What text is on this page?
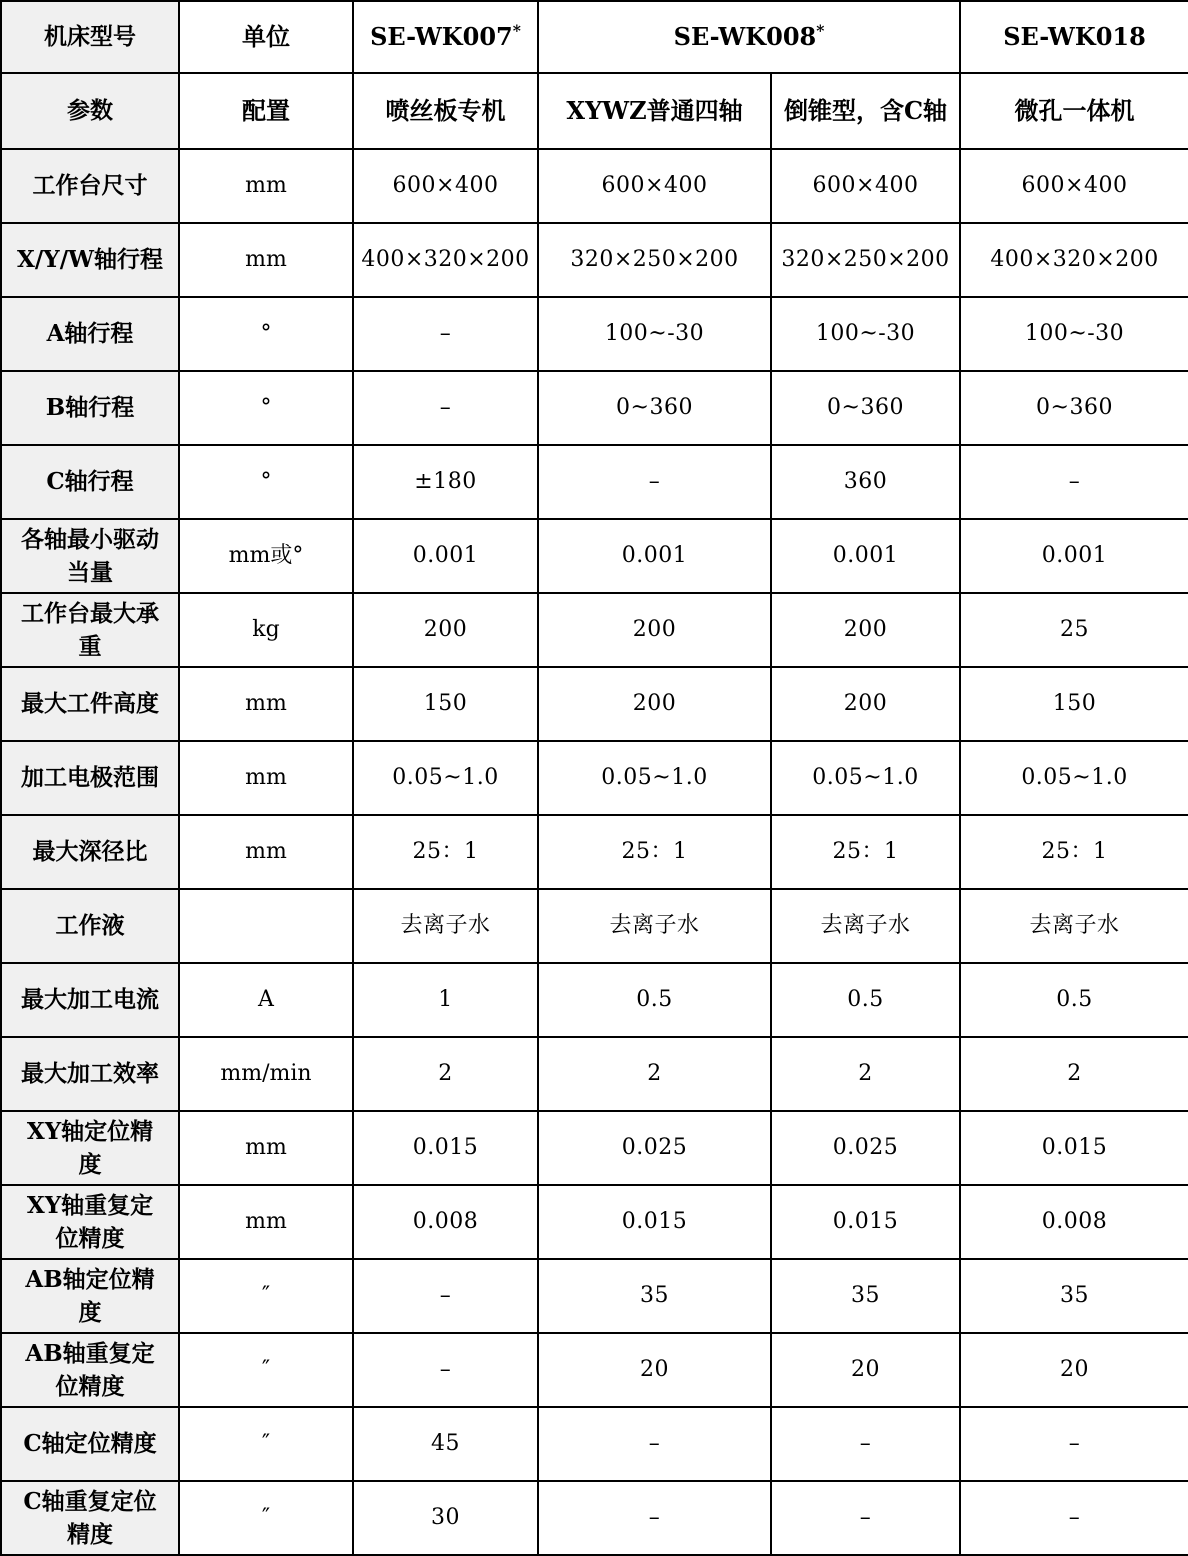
机床型号	单位	SE-WK007*	SE-WK008*		SE-WK018
参数	配置	喷丝板专机	XYWZ普通四轴	倒锥型，含C轴	微孔一体机
工作台尺寸	mm	600×400	600×400	600×400	600×400
X/Y/W轴行程	mm	400×320×200	320×250×200	320×250×200	400×320×200
A轴行程	°	–	100~-30	100~-30	100~-30
B轴行程	°	–	0~360	0~360	0~360
C轴行程	°	±180	–	360	–
各轴最小驱动当量	mm或°	0.001	0.001	0.001	0.001
工作台最大承重	kg	200	200	200	25
最大工件高度	mm	150	200	200	150
加工电极范围	mm	0.05~1.0	0.05~1.0	0.05~1.0	0.05~1.0
最大深径比	mm	25：1	25：1	25：1	25：1
工作液		去离子水	去离子水	去离子水	去离子水
最大加工电流	A	1	0.5	0.5	0.5
最大加工效率	mm/min	2	2	2	2
XY轴定位精度	mm	0.015	0.025	0.025	0.015
XY轴重复定位精度	mm	0.008	0.015	0.015	0.008
AB轴定位精度	″	–	35	35	35
AB轴重复定位精度	″	–	20	20	20
C轴定位精度	″	45	–	–	–
C轴重复定位精度	″	30	–	–	–
